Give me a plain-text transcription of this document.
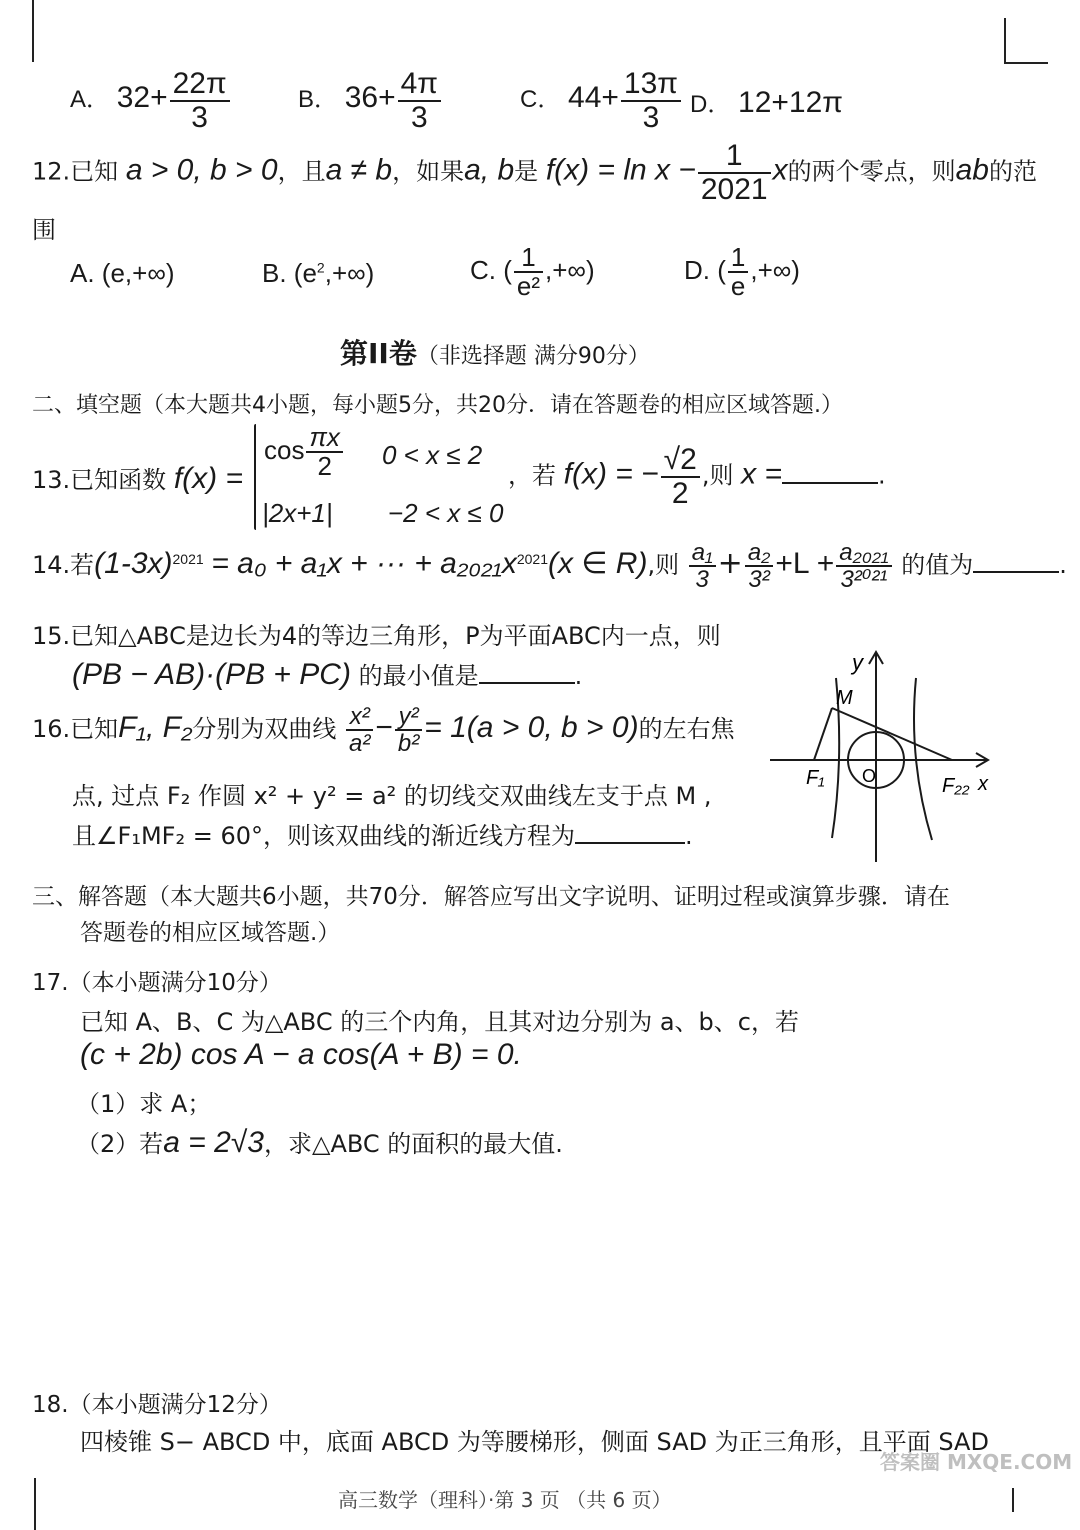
A． $32+ \frac{22\pi}{3}$	B． $36+ \frac{4\pi}{3}$	C． $44+ \frac{13\pi}{3}$ D． 12+12π
12.已知 a > 0, b > 0，且a ≠ b，如果a, b是 $f(x) = \ln x - \frac{1}{2021}$ x的两个零点，则ab的范
围
A. (e,+∞)	B. $(e^2,+\infty)$	C. ( $\frac{1}{\text{e²}}$ ,+∞)	D. ( $\frac{1}{e}$ ,+∞)
第II卷（非选择题 满分90分）
二、填空题（本大题共4小题，每小题5分，共20分．请在答题卷的相应区域答题.）
13.已知函数 f(x) =
$\cos \frac{\pi x}{2} 0 < x \le 2$
|2x+1| −2 < x ≤ 0
，若 f(x) = − $\frac{√2}{2}$ ,则 x =	.
14.若$(1-3x)^{2021} = a_0 + a_1x$ + ··· + $a_{2021}x^{2021}(x$ ∈ R),则 $\frac{\text{a₁}}{3} + \frac{\text{a₂}}{\text{3²}} +L + \frac{\text{a₂₀₂₁}}{\text{3²⁰²¹}}$ 的值为	.
15.已知△ABC是边长为4的等边三角形，P为平面ABC内一点，则
(PB − AB)·(PB + PC) 的最小值是	.
16.已知F₁, F₂分别为双曲线 $\frac{\text{x²}}{\text{a²}} - \frac{\text{y²}}{\text{b²}} = 1(a > 0$, b > 0)的左右焦
点, 过点 F₂ 作圆 x² + y² = a² 的切线交双曲线左支于点 M ,
且∠F₁MF₂ = 60°，则该双曲线的渐近线方程为	.
y
x
M
O
F₁	F₂₂
三、解答题（本大题共6小题，共70分．解答应写出文字说明、证明过程或演算步骤．请在
答题卷的相应区域答题.）
17.（本小题满分10分）
已知 A、B、C 为△ABC 的三个内角，且其对边分别为 a、b、c，若
(c + 2b) cos A − a cos(A + B) = 0.
（1）求 A；
（2）若a = 2√3，求△ABC 的面积的最大值.
18.（本小题满分12分）
四棱锥 S− ABCD 中，底面 ABCD 为等腰梯形，侧面 SAD 为正三角形，且平面 SAD
高三数学（理科）·第 3 页 （共 6 页）
答案圈 MXQE.COM
